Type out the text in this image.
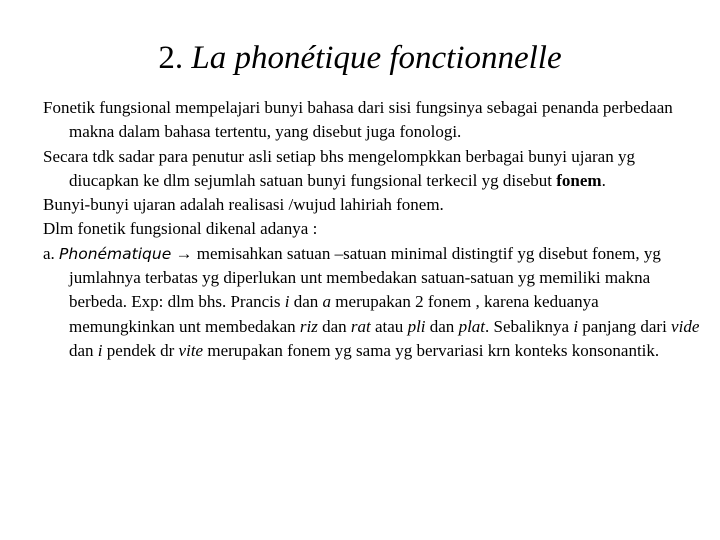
2. La phonétique fonctionnelle

Fonetik fungsional mempelajari bunyi bahasa dari sisi fungsinya sebagai penanda perbedaan makna dalam bahasa tertentu, yang disebut juga fonologi.

Secara tdk sadar para penutur asli setiap bhs mengelompkkan berbagai bunyi ujaran yg diucapkan ke dlm sejumlah satuan bunyi fungsional terkecil yg disebut fonem.

Bunyi-bunyi ujaran adalah realisasi /wujud lahiriah fonem.

Dlm fonetik fungsional dikenal adanya :

a. Phonématique → memisahkan satuan –satuan minimal distingtif yg disebut fonem, yg jumlahnya terbatas yg diperlukan unt membedakan satuan-satuan yg memiliki makna berbeda. Exp: dlm bhs. Prancis i dan a merupakan 2 fonem , karena keduanya memungkinkan unt membedakan riz dan rat atau pli dan plat. Sebaliknya i panjang dari vide dan i pendek dr vite merupakan fonem yg sama yg bervariasi krn konteks konsonantik.
